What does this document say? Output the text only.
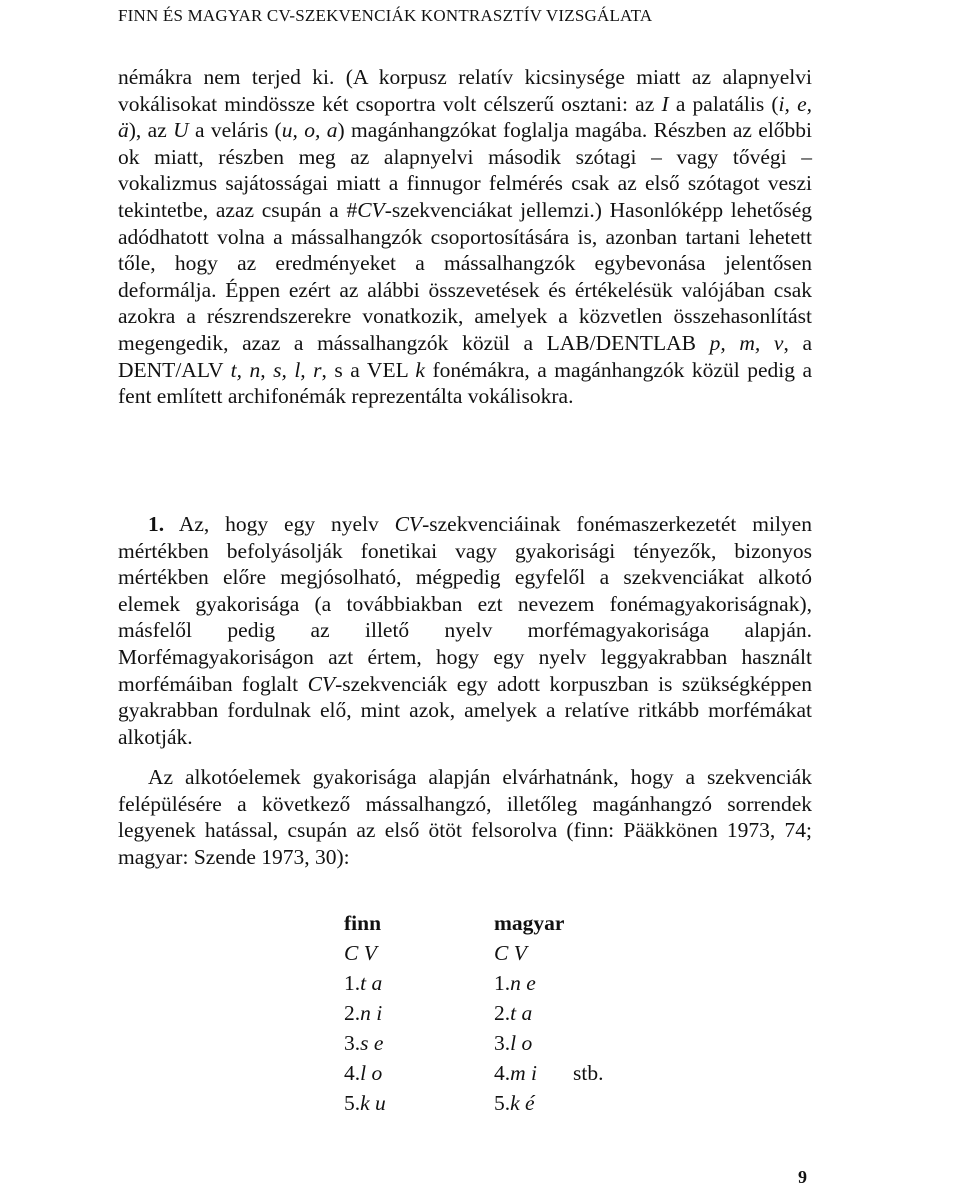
FINN ÉS MAGYAR CV-SZEKVENCIÁK KONTRASZTÍV VIZSGÁLATA

némákra nem terjed ki. (A korpusz relatív kicsinysége miatt az alapnyelvi vokálisokat mindössze két csoportra volt célszerű osztani: az I a palatális (i, e, ä), az U a veláris (u, o, a) magánhangzókat foglalja magába. Részben az előbbi ok miatt, részben meg az alapnyelvi második szótagi – vagy tővégi – vokalizmus sajátosságai miatt a finnugor felmérés csak az első szótagot veszi tekintetbe, azaz csupán a #CV-szekvenciákat jellemzi.) Hasonlóképp lehetőség adódhatott volna a mássalhangzók csoportosítására is, azonban tartani lehetett tőle, hogy az eredményeket a mássalhangzók egybevonása jelentősen deformálja. Éppen ezért az alábbi összevetések és értékelésük valójában csak azokra a részrendszerekre vonatkozik, amelyek a közvetlen összehasonlítást megengedik, azaz a mássalhangzók közül a LAB/DENTLAB p, m, v, a DENT/ALV t, n, s, l, r, s a VEL k fonémákra, a magánhangzók közül pedig a fent említett archifonémák reprezentálta vokálisokra.

1. Az, hogy egy nyelv CV-szekvenciáinak fonémaszerkezetét milyen mértékben befolyásolják fonetikai vagy gyakorisági tényezők, bizonyos mértékben előre megjósolható, mégpedig egyfelől a szekvenciákat alkotó elemek gyakorisága (a továbbiakban ezt nevezem fonémagyakoriságnak), másfelől pedig az illető nyelv morfémagyakorisága alapján. Morfémagyakoriságon azt értem, hogy egy nyelv leggyakrabban használt morfémáiban foglalt CV-szekvenciák egy adott korpuszban is szükségképpen gyakrabban fordulnak elő, mint azok, amelyek a relatíve ritkább morfémákat alkotják.

Az alkotóelemek gyakorisága alapján elvárhatnánk, hogy a szekvenciák felépülésére a következő mássalhangzó, illetőleg magánhangzó sorrendek legyenek hatással, csupán az első ötöt felsorolva (finn: Pääkkönen 1973, 74; magyar: Szende 1973, 30):

finn
C V
1.t a
2.n i
3.s e
4.l o
5.k u
magyar
C V
1.n e
2.t a
3.l o
4.m i
5.k é
stb.
9
